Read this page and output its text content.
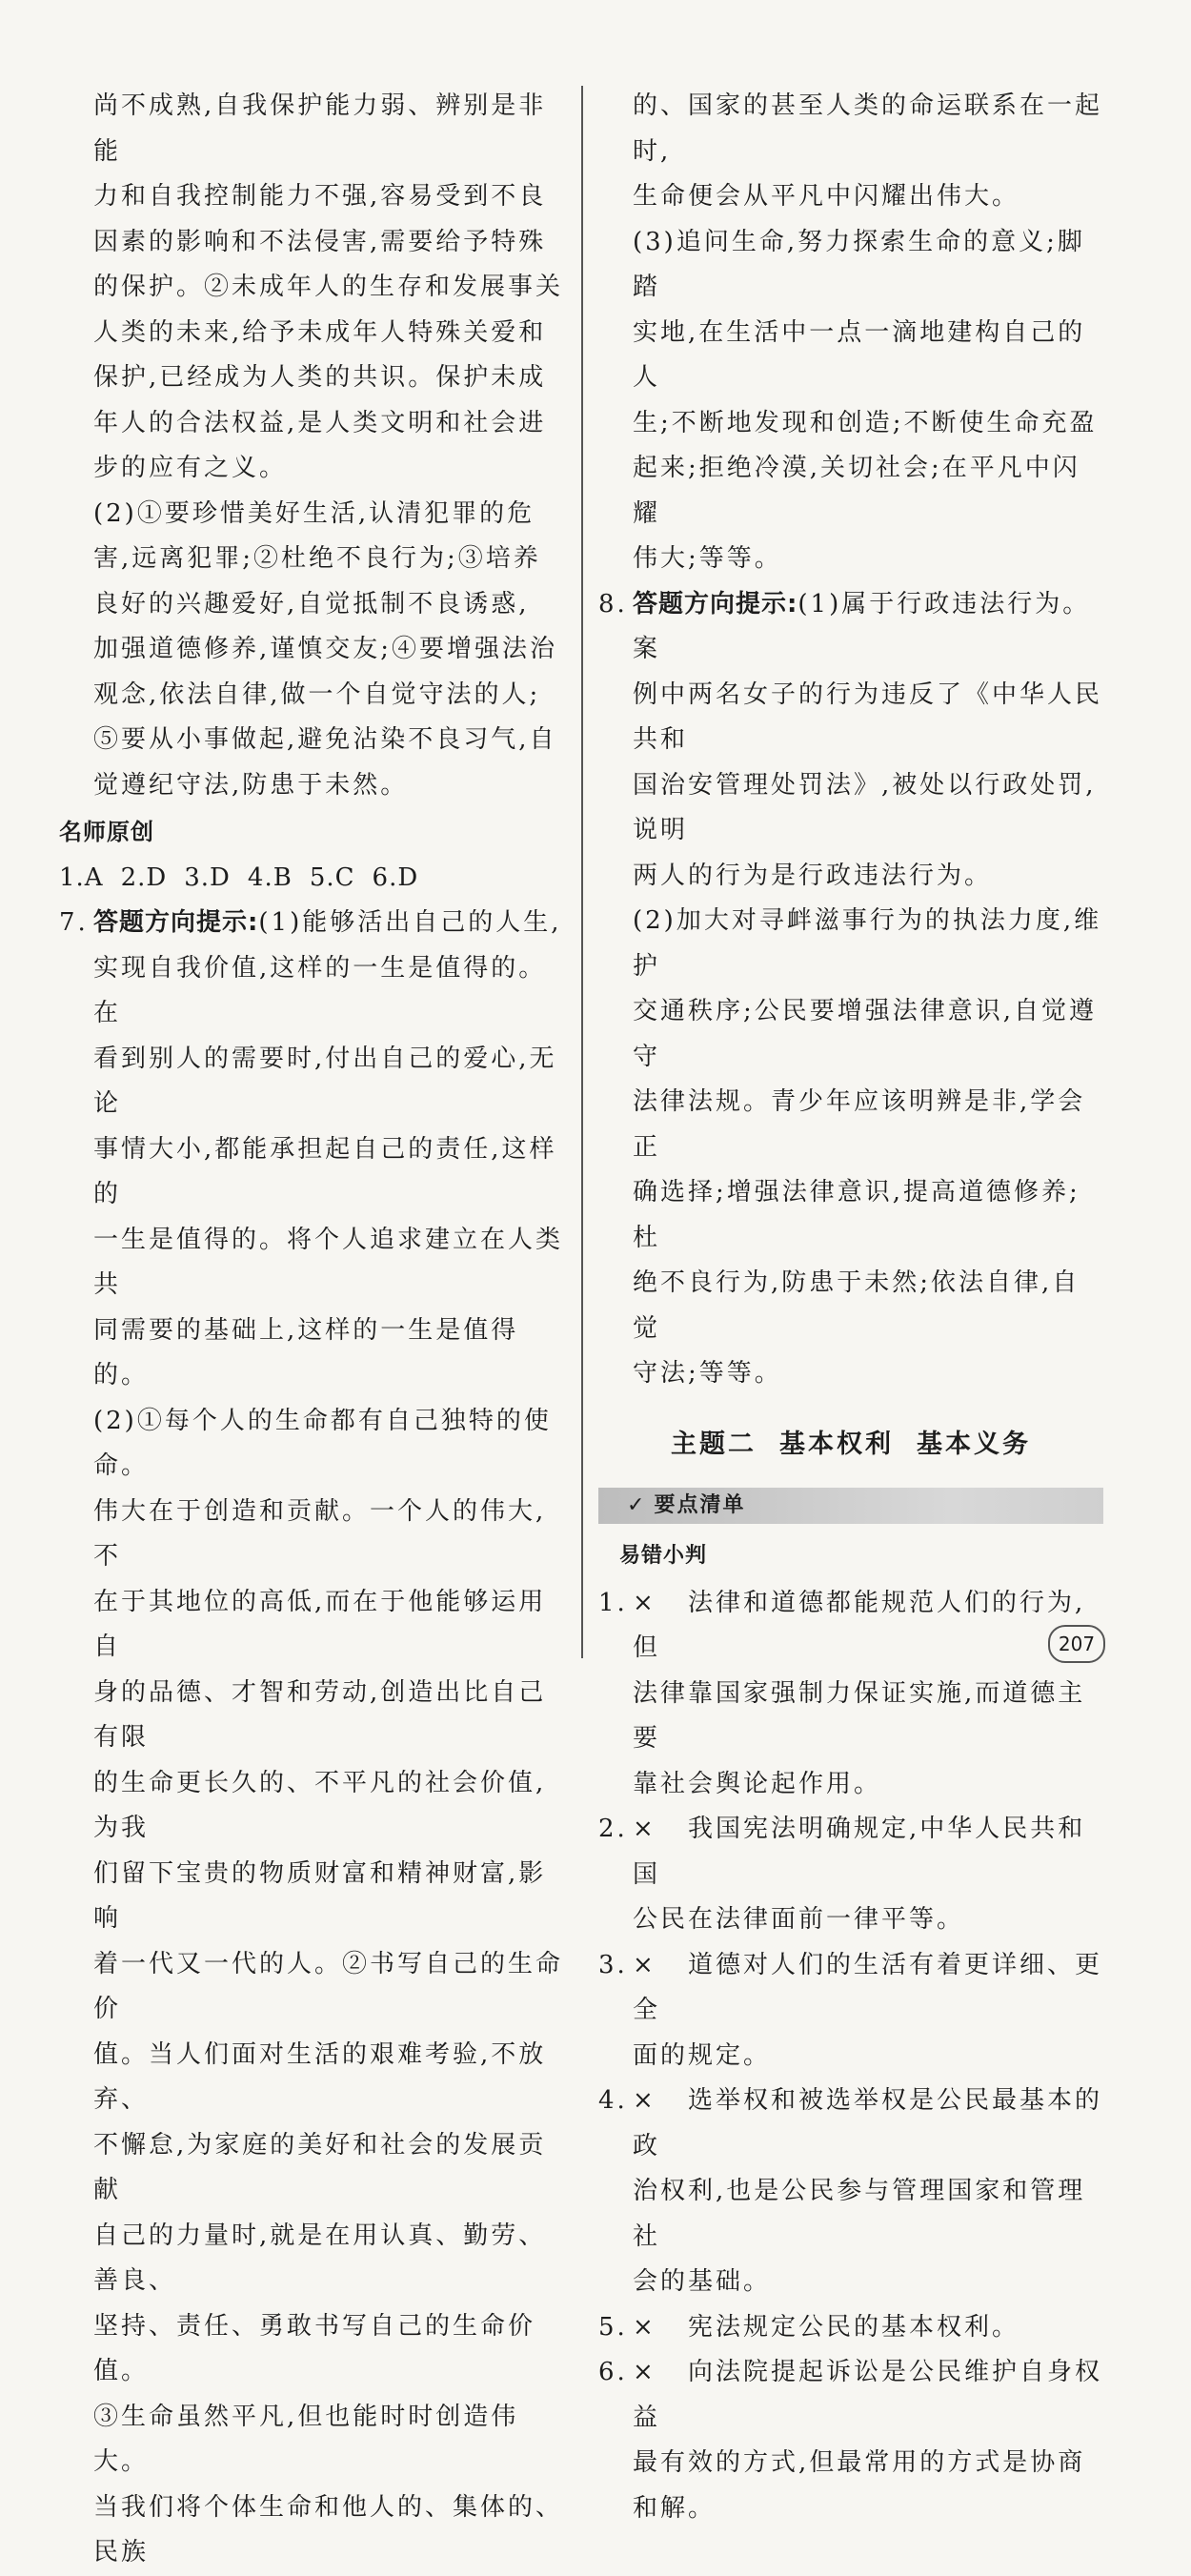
尚不成熟,自我保护能力弱、辨别是非能
力和自我控制能力不强,容易受到不良
因素的影响和不法侵害,需要给予特殊
的保护。②未成年人的生存和发展事关
人类的未来,给予未成年人特殊关爱和
保护,已经成为人类的共识。保护未成
年人的合法权益,是人类文明和社会进
步的应有之义。
(2)①要珍惜美好生活,认清犯罪的危
害,远离犯罪;②杜绝不良行为;③培养
良好的兴趣爱好,自觉抵制不良诱惑,
加强道德修养,谨慎交友;④要增强法治
观念,依法自律,做一个自觉守法的人;
⑤要从小事做起,避免沾染不良习气,自
觉遵纪守法,防患于未然。
名师原创
1.A 2.D 3.D 4.B 5.C 6.D
7. 答题方向提示:(1)能够活出自己的人生,
实现自我价值,这样的一生是值得的。在
看到别人的需要时,付出自己的爱心,无论
事情大小,都能承担起自己的责任,这样的
一生是值得的。将个人追求建立在人类共
同需要的基础上,这样的一生是值得的。
(2)①每个人的生命都有自己独特的使命。
伟大在于创造和贡献。一个人的伟大,不
在于其地位的高低,而在于他能够运用自
身的品德、才智和劳动,创造出比自己有限
的生命更长久的、不平凡的社会价值,为我
们留下宝贵的物质财富和精神财富,影响
着一代又一代的人。②书写自己的生命价
值。当人们面对生活的艰难考验,不放弃、
不懈怠,为家庭的美好和社会的发展贡献
自己的力量时,就是在用认真、勤劳、善良、
坚持、责任、勇敢书写自己的生命价值。
③生命虽然平凡,但也能时时创造伟大。
当我们将个体生命和他人的、集体的、民族
的、国家的甚至人类的命运联系在一起时,
生命便会从平凡中闪耀出伟大。
(3)追问生命,努力探索生命的意义;脚踏
实地,在生活中一点一滴地建构自己的人
生;不断地发现和创造;不断使生命充盈
起来;拒绝冷漠,关切社会;在平凡中闪耀
伟大;等等。
8. 答题方向提示:(1)属于行政违法行为。案
例中两名女子的行为违反了《中华人民共和
国治安管理处罚法》,被处以行政处罚,说明
两人的行为是行政违法行为。
(2)加大对寻衅滋事行为的执法力度,维护
交通秩序;公民要增强法律意识,自觉遵守
法律法规。青少年应该明辨是非,学会正
确选择;增强法律意识,提高道德修养;杜
绝不良行为,防患于未然;依法自律,自觉
守法;等等。
主题二 基本权利 基本义务
✓ 要点清单
易错小判
1. × 法律和道德都能规范人们的行为,但
法律靠国家强制力保证实施,而道德主要
靠社会舆论起作用。
2. × 我国宪法明确规定,中华人民共和国
公民在法律面前一律平等。
3. × 道德对人们的生活有着更详细、更全
面的规定。
4. × 选举权和被选举权是公民最基本的政
治权利,也是公民参与管理国家和管理社
会的基础。
5. × 宪法规定公民的基本权利。
6. × 向法院提起诉讼是公民维护自身权益
最有效的方式,但最常用的方式是协商
和解。
207
